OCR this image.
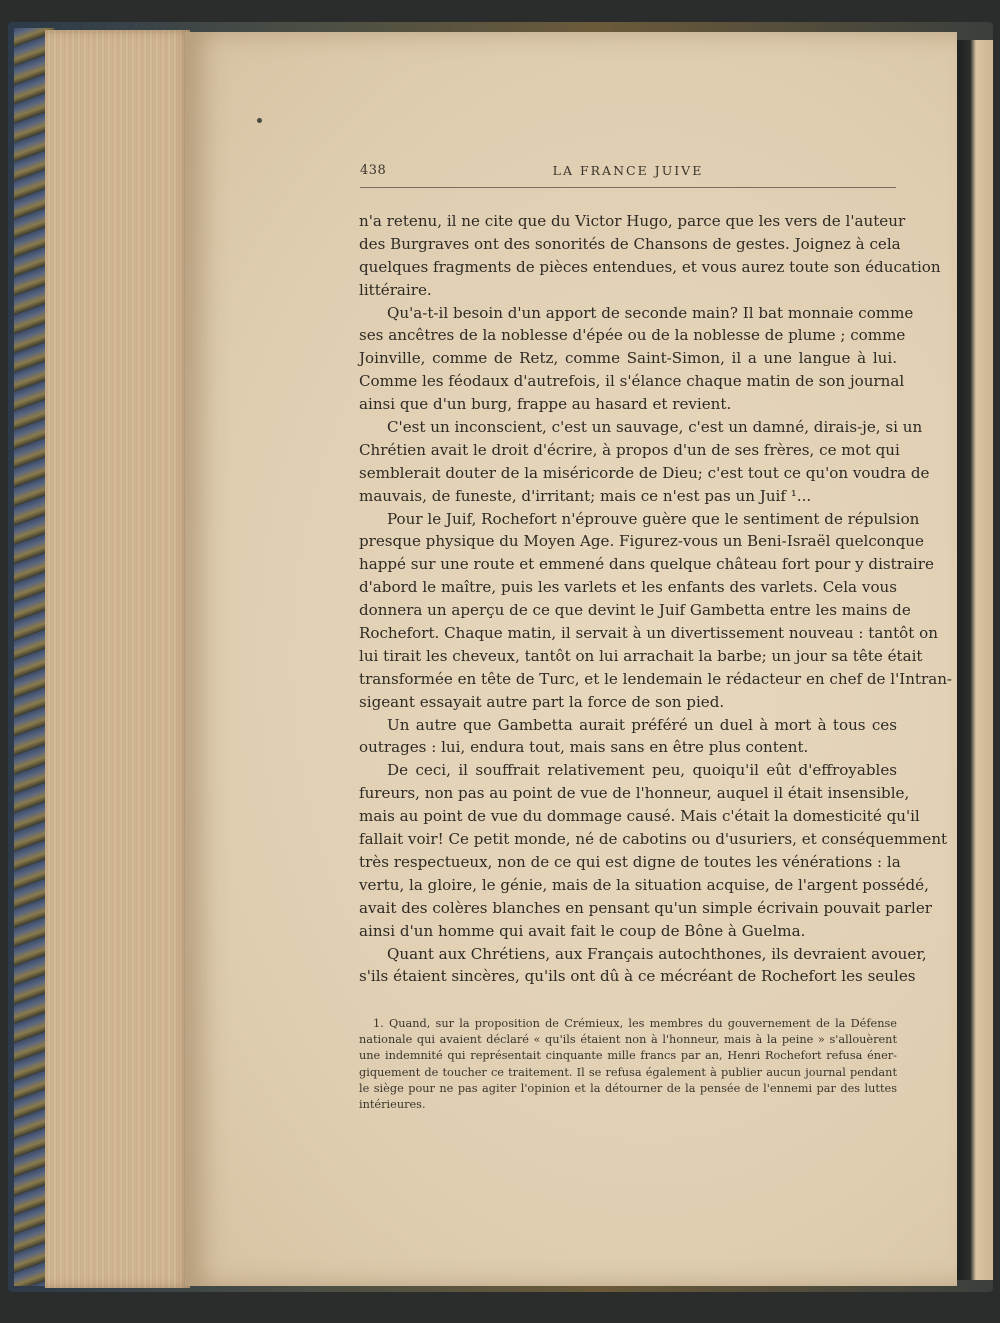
438	LA FRANCE JUIVE
n'a retenu, il ne cite que du Victor Hugo, parce que les vers de l'auteur
des Burgraves ont des sonorités de Chansons de gestes. Joignez à cela
quelques fragments de pièces entendues, et vous aurez toute son éducation
littéraire.
Qu'a-t-il besoin d'un apport de seconde main? Il bat monnaie comme
ses ancêtres de la noblesse d'épée ou de la noblesse de plume ; comme
Joinville, comme de Retz, comme Saint-Simon, il a une langue à lui.
Comme les féodaux d'autrefois, il s'élance chaque matin de son journal
ainsi que d'un burg, frappe au hasard et revient.
C'est un inconscient, c'est un sauvage, c'est un damné, dirais-je, si un
Chrétien avait le droit d'écrire, à propos d'un de ses frères, ce mot qui
semblerait douter de la miséricorde de Dieu; c'est tout ce qu'on voudra de
mauvais, de funeste, d'irritant; mais ce n'est pas un Juif ¹...
Pour le Juif, Rochefort n'éprouve guère que le sentiment de répulsion
presque physique du Moyen Age. Figurez-vous un Beni-Israël quelconque
happé sur une route et emmené dans quelque château fort pour y distraire
d'abord le maître, puis les varlets et les enfants des varlets. Cela vous
donnera un aperçu de ce que devint le Juif Gambetta entre les mains de
Rochefort. Chaque matin, il servait à un divertissement nouveau : tantôt on
lui tirait les cheveux, tantôt on lui arrachait la barbe; un jour sa tête était
transformée en tête de Turc, et le lendemain le rédacteur en chef de l'Intran-
sigeant essayait autre part la force de son pied.
Un autre que Gambetta aurait préféré un duel à mort à tous ces
outrages : lui, endura tout, mais sans en être plus content.
De ceci, il souffrait relativement peu, quoiqu'il eût d'effroyables
fureurs, non pas au point de vue de l'honneur, auquel il était insensible,
mais au point de vue du dommage causé. Mais c'était la domesticité qu'il
fallait voir! Ce petit monde, né de cabotins ou d'usuriers, et conséquemment
très respectueux, non de ce qui est digne de toutes les vénérations : la
vertu, la gloire, le génie, mais de la situation acquise, de l'argent possédé,
avait des colères blanches en pensant qu'un simple écrivain pouvait parler
ainsi d'un homme qui avait fait le coup de Bône à Guelma.
Quant aux Chrétiens, aux Français autochthones, ils devraient avouer,
s'ils étaient sincères, qu'ils ont dû à ce mécréant de Rochefort les seules
1. Quand, sur la proposition de Crémieux, les membres du gouvernement de la Défense
nationale qui avaient déclaré « qu'ils étaient non à l'honneur, mais à la peine » s'allouèrent
une indemnité qui représentait cinquante mille francs par an, Henri Rochefort refusa éner-
giquement de toucher ce traitement. Il se refusa également à publier aucun journal pendant
le siège pour ne pas agiter l'opinion et la détourner de la pensée de l'ennemi par des luttes
intérieures.
